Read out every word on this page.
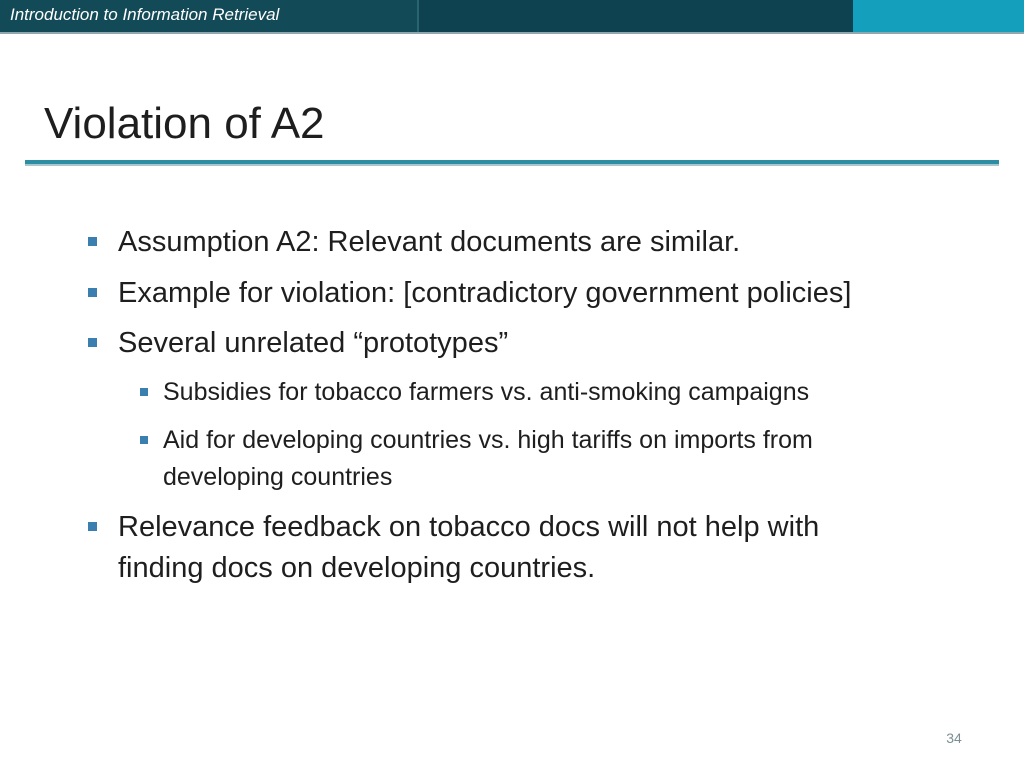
Introduction to Information Retrieval
Violation of A2
Assumption A2: Relevant documents are similar.
Example for violation: [contradictory government policies]
Several unrelated “prototypes”
Subsidies for tobacco farmers vs. anti-smoking campaigns
Aid for developing countries vs. high tariffs on imports from developing countries
Relevance feedback on tobacco docs will not help with finding docs on developing countries.
34
